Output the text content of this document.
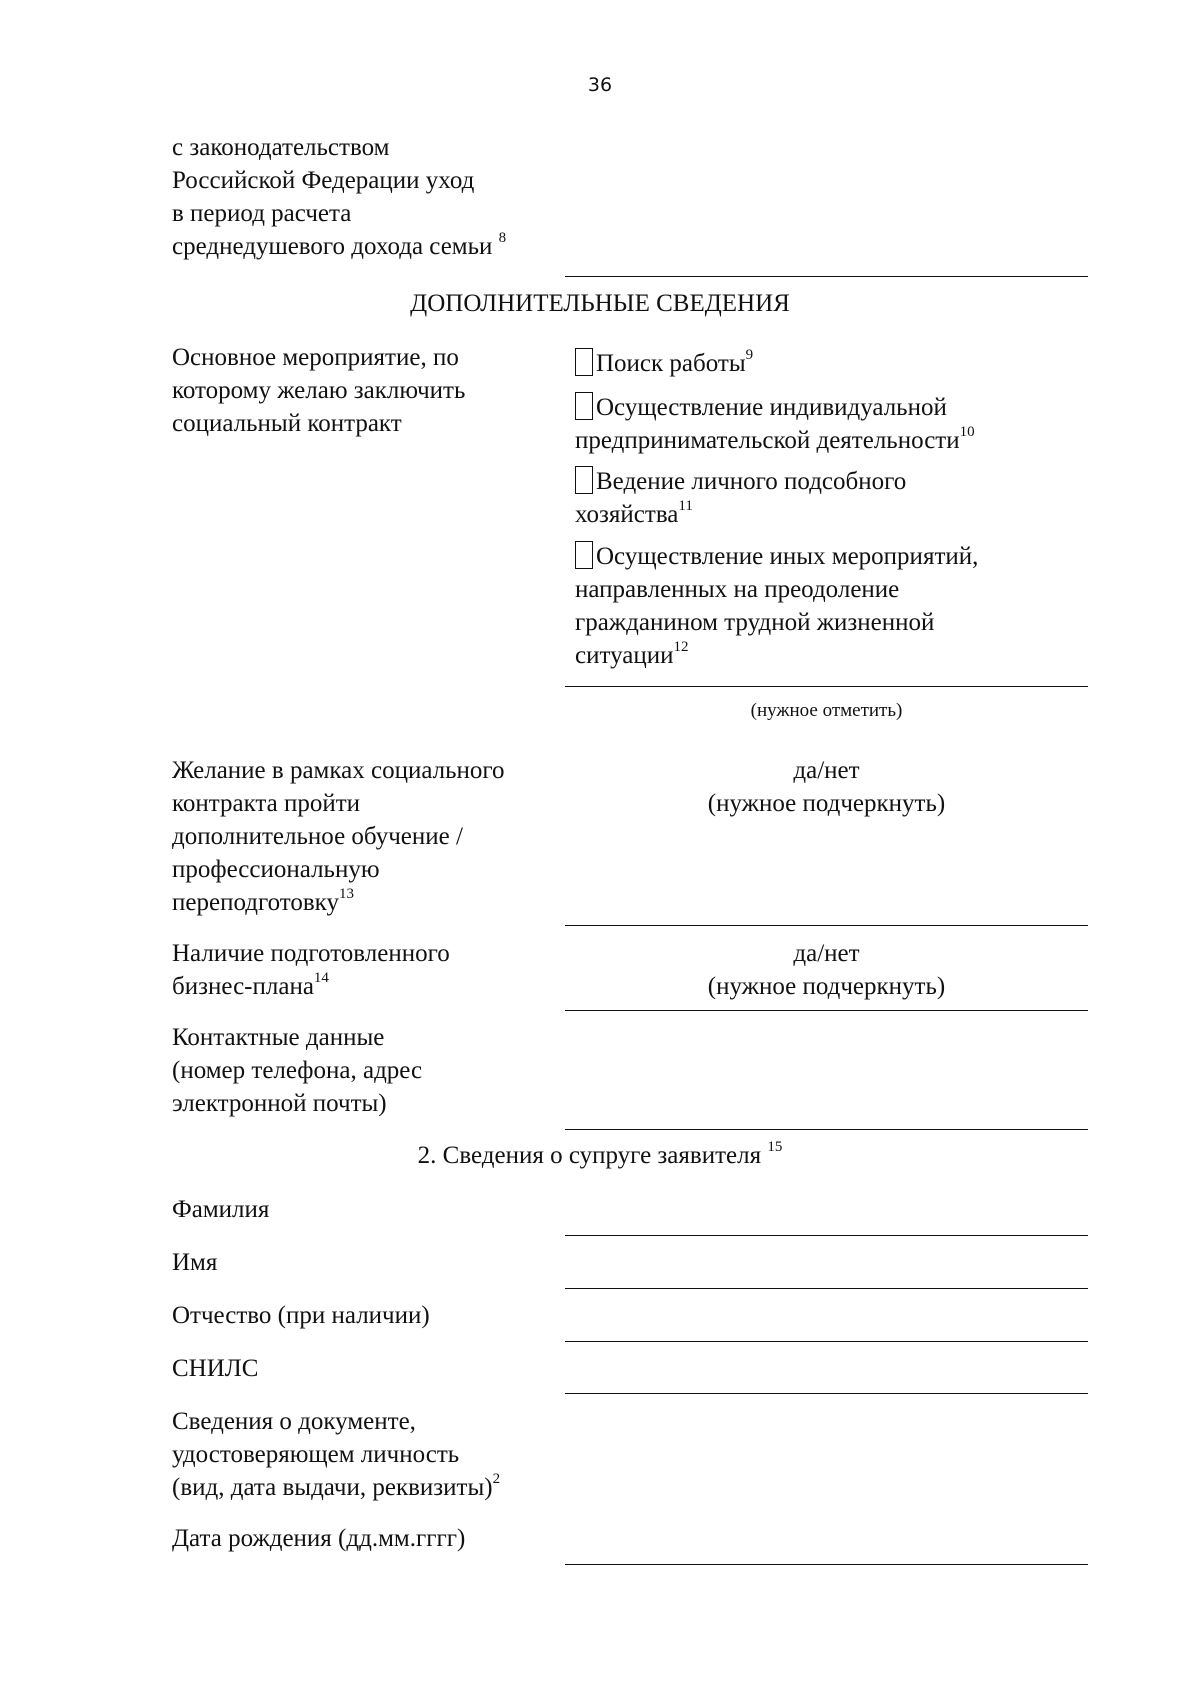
36
с законодательством
Российской Федерации уход
в период расчета
среднедушевого дохода семьи $^8$
ДОПОЛНИТЕЛЬНЫЕ СВЕДЕНИЯ
Основное мероприятие, по
которому желаю заключить
социальный контракт
Поиск работы$^9$
Осуществление индивидуальной
предпринимательской деятельности$^{10}$
Ведение личного подсобного
хозяйства$^{11}$
Осуществление иных мероприятий,
направленных на преодоление
гражданином трудной жизненной
ситуации$^{12}$
(нужное отметить)
Желание в рамках социального
контракта пройти
дополнительное обучение /
профессиональную
переподготовку$^{13}$
да/нет
(нужное подчеркнуть)
Наличие подготовленного
бизнес-плана$^{14}$
да/нет
(нужное подчеркнуть)
Контактные данные
(номер телефона, адрес
электронной почты)
2. Сведения о супруге заявителя $^{15}$
Фамилия
Имя
Отчество (при наличии)
СНИЛС
Сведения о документе,
удостоверяющем личность
(вид, дата выдачи, реквизиты)$^2$
Дата рождения (дд.мм.гггг)
